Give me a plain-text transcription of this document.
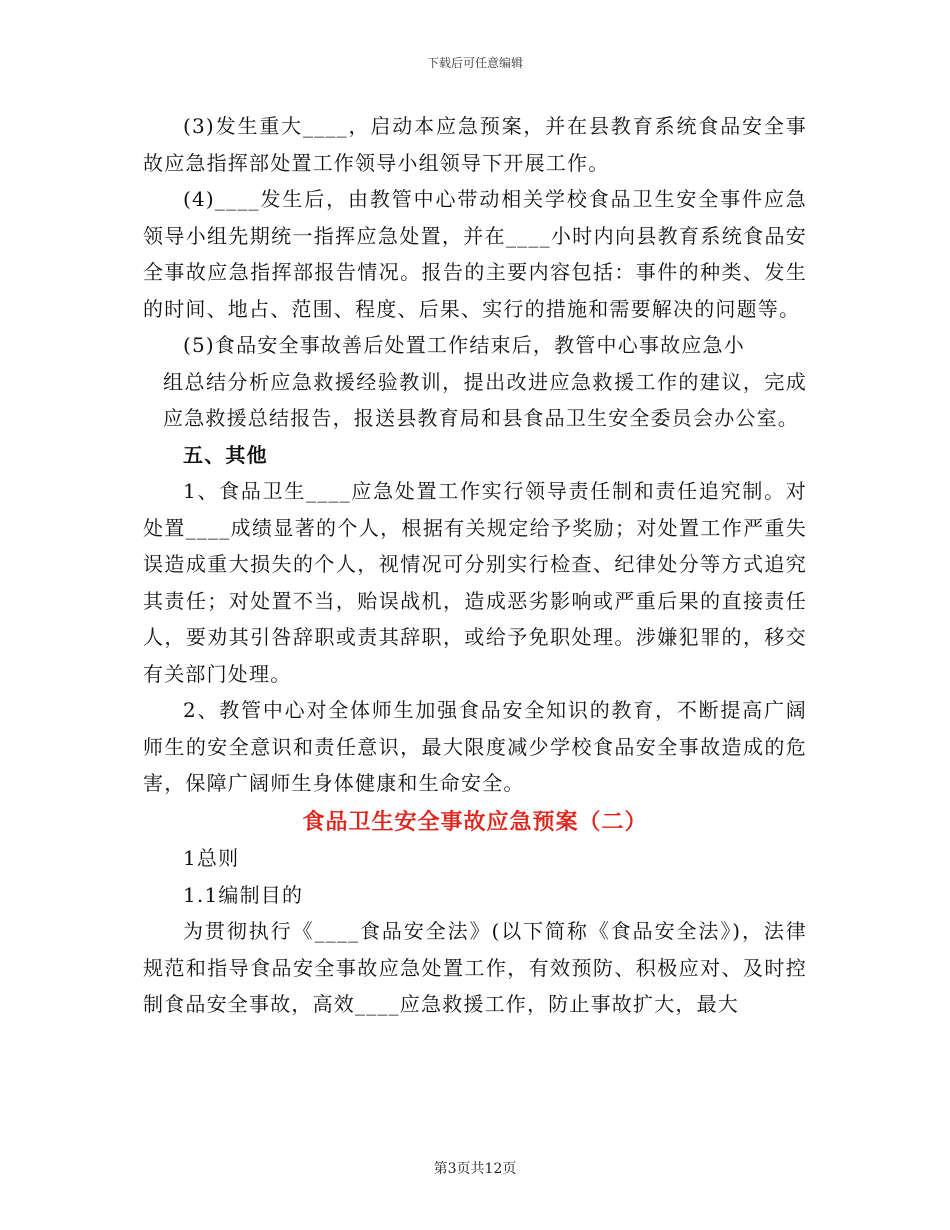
下载后可任意编辑

(3)发生重大____，启动本应急预案，并在县教育系统食品安全事故应急指挥部处置工作领导小组领导下开展工作。

(4)____发生后，由教管中心带动相关学校食品卫生安全事件应急领导小组先期统一指挥应急处置，并在____小时内向县教育系统食品安全事故应急指挥部报告情况。报告的主要内容包括：事件的种类、发生的时间、地占、范围、程度、后果、实行的措施和需要解决的问题等。

(5)食品安全事故善后处置工作结束后，教管中心事故应急小

组总结分析应急救援经验教训，提出改进应急救援工作的建议，完成应急救援总结报告，报送县教育局和县食品卫生安全委员会办公室。

五、其他

1、食品卫生____应急处置工作实行领导责任制和责任追究制。对处置____成绩显著的个人，根据有关规定给予奖励；对处置工作严重失误造成重大损失的个人，视情况可分别实行检查、纪律处分等方式追究其责任；对处置不当，贻误战机，造成恶劣影响或严重后果的直接责任人，要劝其引咎辞职或责其辞职，或给予免职处理。涉嫌犯罪的，移交有关部门处理。

2、教管中心对全体师生加强食品安全知识的教育，不断提高广阔师生的安全意识和责任意识，最大限度减少学校食品安全事故造成的危害，保障广阔师生身体健康和生命安全。

食品卫生安全事故应急预案（二）

1总则

1.1编制目的

为贯彻执行《____食品安全法》(以下简称《食品安全法》)，法律规范和指导食品安全事故应急处置工作，有效预防、积极应对、及时控制食品安全事故，高效____应急救援工作，防止事故扩大，最大

第3页共12页
